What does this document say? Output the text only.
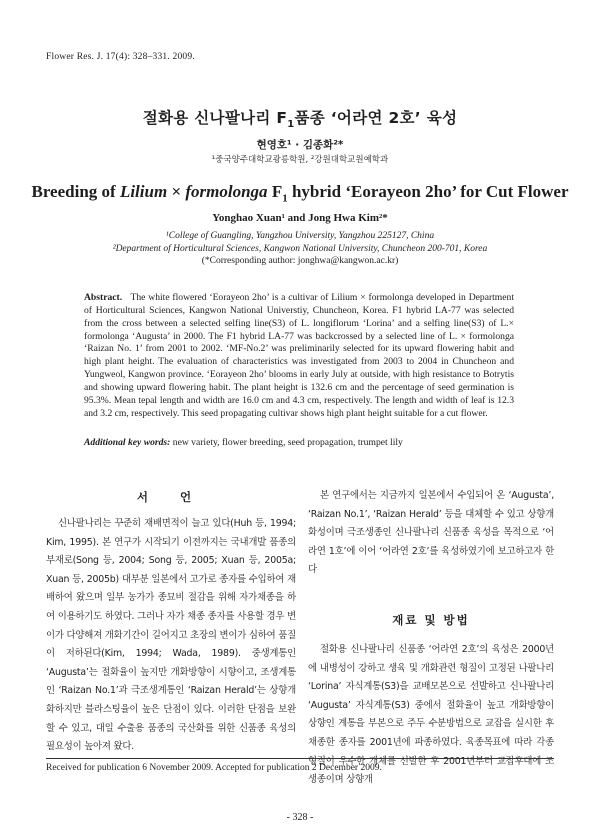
Flower Res. J. 17(4): 328–331. 2009.
절화용 신나팔나리 $F_1$품종 ‘어라연 2호’ 육성
현영호¹ · 김종화²*
¹중국양주대학교광릉학원, ²강원대학교원예학과
Breeding of Lilium × formolonga $F_1$ hybrid ‘Eorayeon 2ho’ for Cut Flower
Yonghao Xuan¹ and Jong Hwa Kim²*
¹College of Guangling, Yangzhou University, Yangzhou 225127, China
²Department of Horticultural Sciences, Kangwon National University, Chuncheon 200-701, Korea
(*Corresponding author: jonghwa@kangwon.ac.kr)
Abstract. The white flowered ‘Eorayeon 2ho’ is a cultivar of Lilium × formolonga developed in Department of Horticultural Sciences, Kangwon National Universtiy, Chuncheon, Korea. F1 hybrid LA-77 was selected from the cross between a selected selfing line(S3) of L. longiflorum ‘Lorina’ and a selfing line(S3) of L.× formolonga ‘Augusta’ in 2000. The F1 hybrid LA-77 was backcrossed by a selected line of L. × formolonga ‘Raizan No. 1’ from 2001 to 2002. ‘MF-No.2’ was preliminarily selected for its upward flowering habit and high plant height. The evaluation of characteristics was investigated from 2003 to 2004 in Chuncheon and Yungweol, Kangwon province. ‘Eorayeon 2ho’ blooms in early July at outside, with high resistance to Botrytis and showing upward flowering habit. The plant height is 132.6 cm and the percentage of seed germination is 95.3%. Mean tepal length and width are 16.0 cm and 4.3 cm, respectively. The length and width of leaf is 12.3 and 3.2 cm, respectively. This seed propagating cultivar shows high plant height suitable for a cut flower.
Additional key words: new variety, flower breeding, seed propagation, trumpet lily
서 언
신나팔나리는 꾸준히 재배면적이 늘고 있다(Huh 등, 1994; Kim, 1995). 본 연구가 시작되기 이전까지는 국내개발 품종의 부재로(Song 등, 2004; Song 등, 2005; Xuan 등, 2005a; Xuan 등, 2005b) 대부분 일본에서 고가로 종자를 수입하여 재배하여 왔으며 일부 농가가 종묘비 절감을 위해 자가채종을 하여 이용하기도 하였다. 그러나 자가 채종 종자를 사용할 경우 변이가 다양해져 개화기간이 길어지고 초장의 변이가 심하여 품질이 저하된다(Kim, 1994; Wada, 1989). 중생계통인 ‘Augusta’는 절화율이 높지만 개화방향이 시향이고, 조생계통인 ‘Raizan No.1’과 극조생계통인 ‘Raizan Herald’는 상향개화하지만 블라스팅율이 높은 단점이 있다. 이러한 단점을 보완할 수 있고, 대일 수출용 품종의 국산화를 위한 신품종 육성의 필요성이 높아져 왔다.
본 연구에서는 지금까지 일본에서 수입되어 온 ‘Augusta’, ‘Raizan No.1’, ‘Raizan Herald’ 등을 대체할 수 있고 상향개화성이며 극조생종인 신나팔나리 신품종 육성을 목적으로 ‘어라연 1호’에 이어 ‘어라연 2호’를 육성하였기에 보고하고자 한다
재료 및 방법
절화용 신나팔나리 신품종 ‘어라연 2호’의 육성은 2000년에 내병성이 강하고 생육 및 개화관련 형질이 고정된 나팔나리 ‘Lorina’ 자식계통(S3)을 교배모본으로 선발하고 신나팔나리 ‘Augusta’ 자식계통(S3) 중에서 절화율이 높고 개화방향이 상향인 계통을 부본으로 주두 수분방법으로 교잡을 실시한 후 채종한 종자를 2001년에 파종하였다. 육종목표에 따라 각종 형질이 우수한 개체를 선발한 후 2001년부터 교잡후대에 조생종이며 상향개
Received for publication 6 November 2009. Accepted for publication 2 December 2009.
- 328 -
